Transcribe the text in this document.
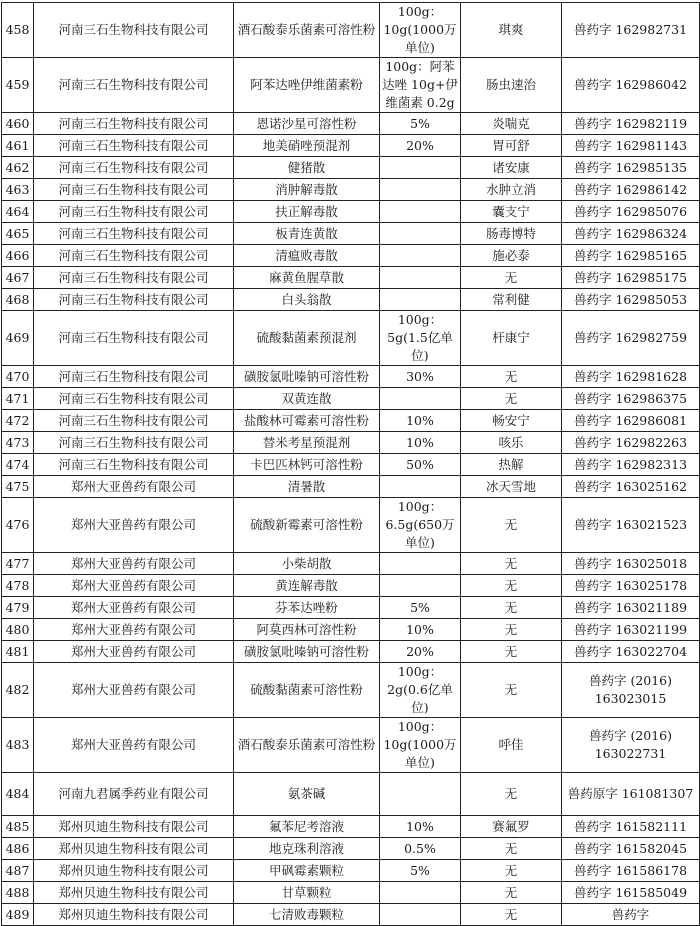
458	河南三石生物科技有限公司	酒石酸泰乐菌素可溶性粉	100g：10g(1000万单位)	琪爽	兽药字 162982731
459	河南三石生物科技有限公司	阿苯达唑伊维菌素粉	100g：阿苯达唑 10g+伊维菌素 0.2g	肠虫速治	兽药字 162986042
460	河南三石生物科技有限公司	恩诺沙星可溶性粉	5%	炎喘克	兽药字 162982119
461	河南三石生物科技有限公司	地美硝唑预混剂	20%	胃可舒	兽药字 162981143
462	河南三石生物科技有限公司	健猪散		诸安康	兽药字 162985135
463	河南三石生物科技有限公司	消肿解毒散		水肿立消	兽药字 162986142
464	河南三石生物科技有限公司	扶正解毒散		囊支宁	兽药字 162985076
465	河南三石生物科技有限公司	板青连黄散		肠毒博特	兽药字 162986324
466	河南三石生物科技有限公司	清瘟败毒散		施必泰	兽药字 162985165
467	河南三石生物科技有限公司	麻黄鱼腥草散		无	兽药字 162985175
468	河南三石生物科技有限公司	白头翁散		常利健	兽药字 162985053
469	河南三石生物科技有限公司	硫酸黏菌素预混剂	100g：5g(1.5亿单位)	杆康宁	兽药字 162982759
470	河南三石生物科技有限公司	磺胺氯吡嗪钠可溶性粉	30%	无	兽药字 162981628
471	河南三石生物科技有限公司	双黄连散		无	兽药字 162986375
472	河南三石生物科技有限公司	盐酸林可霉素可溶性粉	10%	畅安宁	兽药字 162986081
473	河南三石生物科技有限公司	替米考星预混剂	10%	咳乐	兽药字 162982263
474	河南三石生物科技有限公司	卡巴匹林钙可溶性粉	50%	热解	兽药字 162982313
475	郑州大亚兽药有限公司	清暑散		冰天雪地	兽药字 163025162
476	郑州大亚兽药有限公司	硫酸新霉素可溶性粉	100g：6.5g(650万单位)	无	兽药字 163021523
477	郑州大亚兽药有限公司	小柴胡散		无	兽药字 163025018
478	郑州大亚兽药有限公司	黄连解毒散		无	兽药字 163025178
479	郑州大亚兽药有限公司	芬苯达唑粉	5%	无	兽药字 163021189
480	郑州大亚兽药有限公司	阿莫西林可溶性粉	10%	无	兽药字 163021199
481	郑州大亚兽药有限公司	磺胺氯吡嗪钠可溶性粉	20%	无	兽药字 163022704
482	郑州大亚兽药有限公司	硫酸黏菌素可溶性粉	100g：2g(0.6亿单位)	无	兽药字 (2016) 163023015
483	郑州大亚兽药有限公司	酒石酸泰乐菌素可溶性粉	100g：10g(1000万单位)	呼佳	兽药字 (2016) 163022731
484	河南九君属季药业有限公司	氨茶碱		无	兽药原字 161081307
485	郑州贝迪生物科技有限公司	氟苯尼考溶液	10%	赛氟罗	兽药字 161582111
486	郑州贝迪生物科技有限公司	地克珠利溶液	0.5%	无	兽药字 161582045
487	郑州贝迪生物科技有限公司	甲砜霉素颗粒	5%	无	兽药字 161586178
488	郑州贝迪生物科技有限公司	甘草颗粒		无	兽药字 161585049
489	郑州贝迪生物科技有限公司	七清败毒颗粒		无	兽药字
